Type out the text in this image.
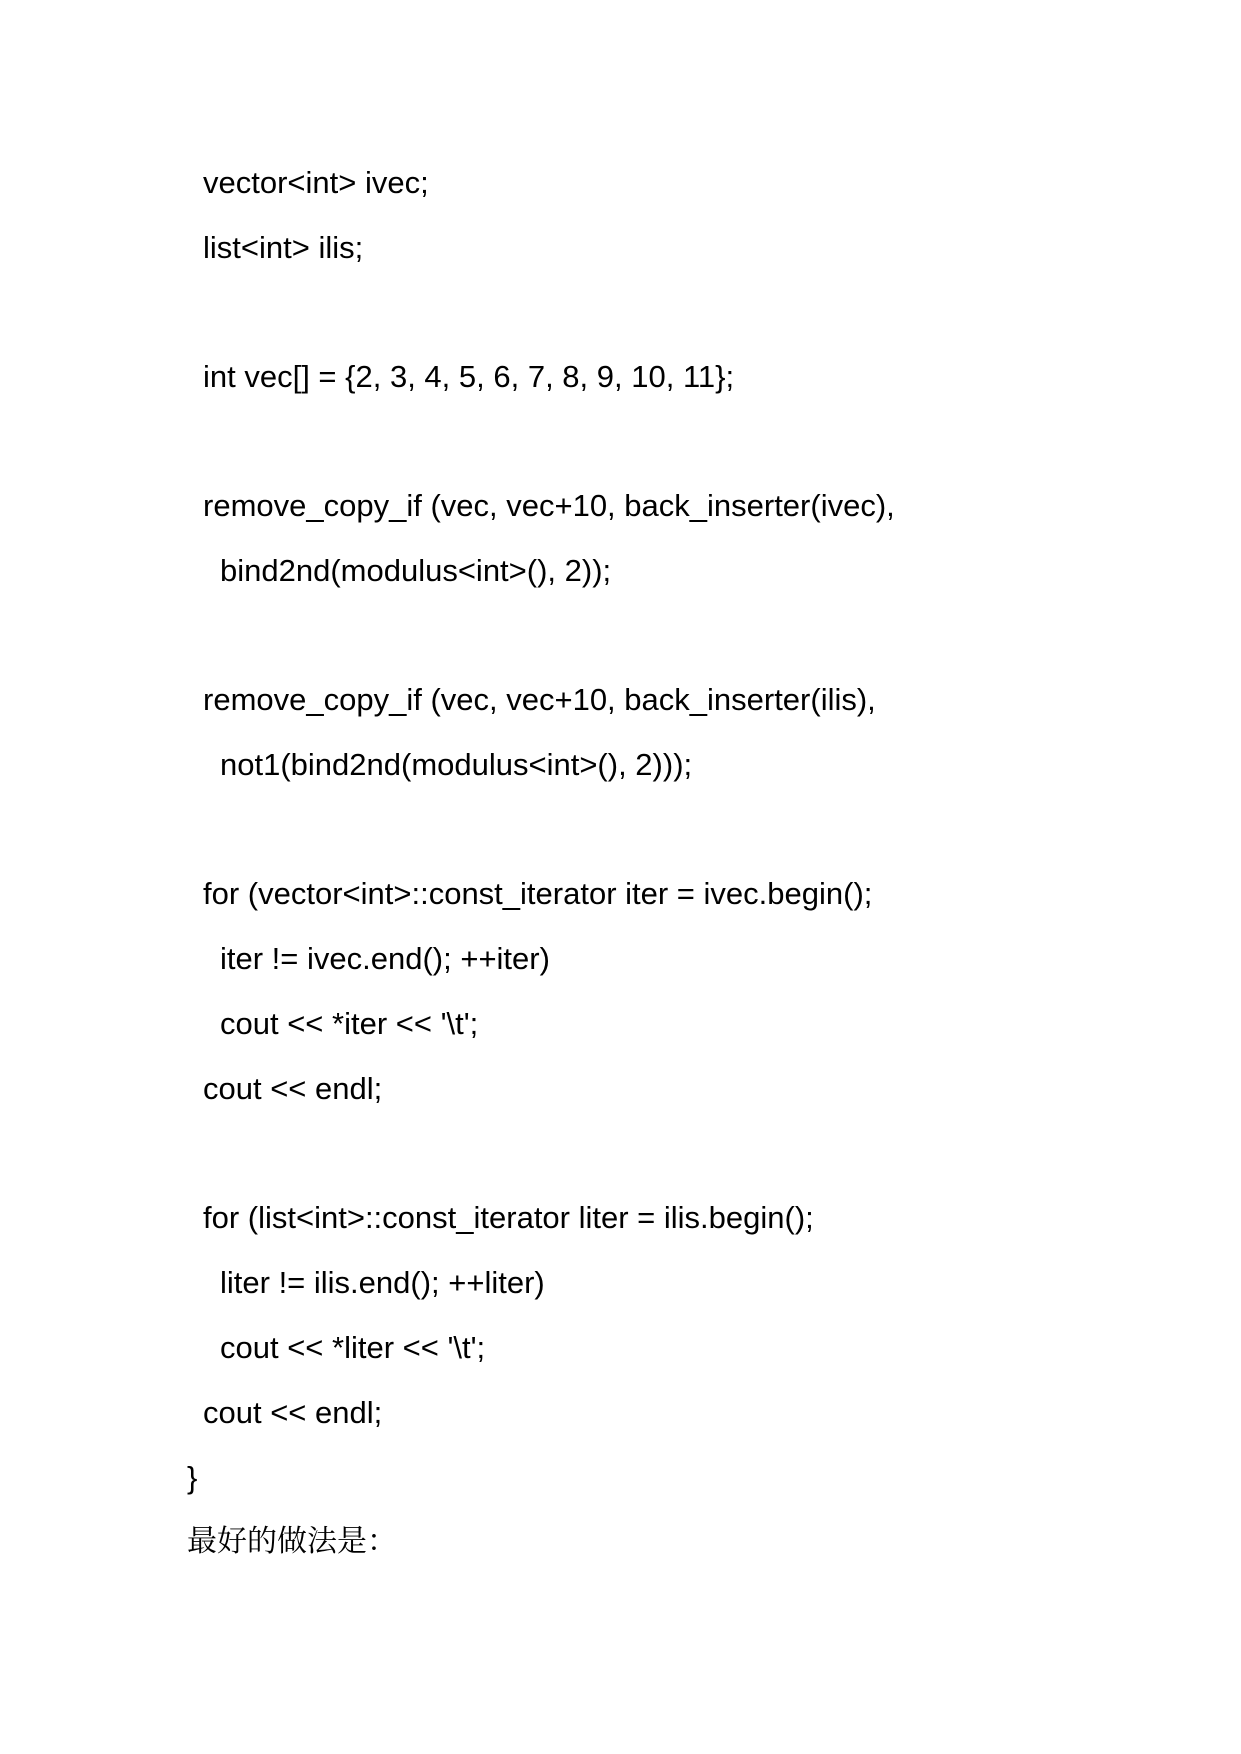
vector<int> ivec;
list<int> ilis;
int vec[] = {2, 3, 4, 5, 6, 7, 8, 9, 10, 11};
remove_copy_if (vec, vec+10, back_inserter(ivec),
bind2nd(modulus<int>(), 2));
remove_copy_if (vec, vec+10, back_inserter(ilis),
not1(bind2nd(modulus<int>(), 2)));
for (vector<int>::const_iterator iter = ivec.begin();
iter != ivec.end(); ++iter)
cout << *iter << '\t';
cout << endl;
for (list<int>::const_iterator liter = ilis.begin();
liter != ilis.end(); ++liter)
cout << *liter << '\t';
cout << endl;
}
最好的做法是：
